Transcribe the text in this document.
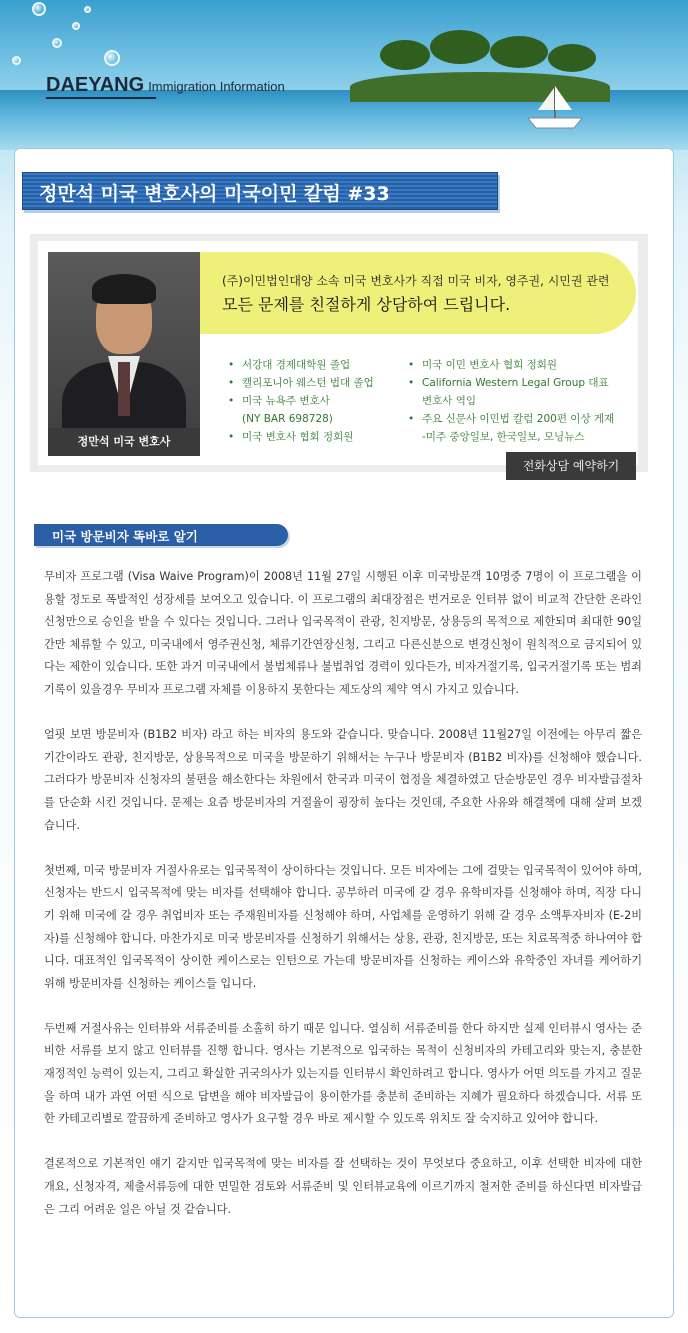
DAEYANG Immigration Information
정만석 미국 변호사의 미국이민 칼럼 #33
정만석 미국 변호사
(주)이민법인대양 소속 미국 변호사가 직접 미국 비자, 영주권, 시민권 관련
모든 문제를 친절하게 상담하여 드립니다.
• 서강대 경제대학원 졸업
• 캘리포니아 웨스턴 법대 졸업
• 미국 뉴욕주 변호사
(NY BAR 698728)
• 미국 변호사 협회 정회원
• 미국 이민 변호사 협회 정회원
• California Western Legal Group 대표
변호사 역임
• 주요 신문사 이민법 칼럼 200편 이상 게재
-미주 중앙일보, 한국일보, 모닝뉴스
전화상담 예약하기
미국 방문비자 똑바로 알기

무비자 프로그램 (Visa Waive Program)이 2008년 11월 27일 시행된 이후 미국방문객 10명중 7명이 이 프로그램을 이용할 정도로 폭발적인 성장세를 보여오고 있습니다. 이 프로그램의 최대장점은 번거로운 인터뷰 없이 비교적 간단한 온라인 신청만으로 승인을 받을 수 있다는 것입니다. 그러나 입국목적이 관광, 친지방문, 상용등의 목적으로 제한되며 최대한 90일간만 체류할 수 있고, 미국내에서 영주권신청, 체류기간연장신청, 그리고 다른신분으로 변경신청이 원칙적으로 금지되어 있다는 제한이 있습니다. 또한 과거 미국내에서 불법체류나 불법취업 경력이 있다든가, 비자거절기록, 입국거절기록 또는 범죄기록이 있을경우 무비자 프로그램 자체를 이용하지 못한다는 제도상의 제약 역시 가지고 있습니다.

얼핏 보면 방문비자 (B1B2 비자) 라고 하는 비자의 용도와 같습니다. 맞습니다. 2008년 11월27일 이전에는 아무리 짧은 기간이라도 관광, 친지방문, 상용목적으로 미국을 방문하기 위해서는 누구나 방문비자 (B1B2 비자)를 신청해야 했습니다. 그러다가 방문비자 신청자의 불편을 해소한다는 차원에서 한국과 미국이 협정을 체결하였고 단순방문인 경우 비자발급절차를 단순화 시킨 것입니다. 문제는 요즘 방문비자의 거절율이 굉장히 높다는 것인데, 주요한 사유와 해결책에 대해 살펴 보겠습니다.

첫번째, 미국 방문비자 거절사유로는 입국목적이 상이하다는 것입니다. 모든 비자에는 그에 걸맞는 입국목적이 있어야 하며, 신청자는 반드시 입국목적에 맞는 비자를 선택해야 합니다. 공부하러 미국에 갈 경우 유학비자를 신청해야 하며, 직장 다니기 위해 미국에 갈 경우 취업비자 또는 주재원비자를 신청해야 하며, 사업체를 운영하기 위해 갈 경우 소액투자비자 (E-2비자)를 신청해야 합니다. 마찬가지로 미국 방문비자를 신청하기 위해서는 상용, 관광, 친지방문, 또는 치료목적중 하나여야 합니다. 대표적인 입국목적이 상이한 케이스로는 인턴으로 가는데 방문비자를 신청하는 케이스와 유학중인 자녀를 케어하기 위해 방문비자를 신청하는 케이스들 입니다.

두번째 거절사유는 인터뷰와 서류준비를 소홀히 하기 때문 입니다. 열심히 서류준비를 한다 하지만 실제 인터뷰시 영사는 준비한 서류를 보지 않고 인터뷰를 진행 합니다. 영사는 기본적으로 입국하는 목적이 신청비자의 카테고리와 맞는지, 충분한 재정적인 능력이 있는지, 그리고 확실한 귀국의사가 있는지를 인터뷰시 확인하려고 합니다. 영사가 어떤 의도를 가지고 질문을 하며 내가 과연 어떤 식으로 답변을 해야 비자발급이 용이한가를 충분히 준비하는 지혜가 필요하다 하겠습니다. 서류 또한 카테고리별로 깔끔하게 준비하고 영사가 요구할 경우 바로 제시할 수 있도록 위치도 잘 숙지하고 있어야 합니다.

결론적으로 기본적인 얘기 같지만 입국목적에 맞는 비자를 잘 선택하는 것이 무엇보다 중요하고, 이후 선택한 비자에 대한 개요, 신청자격, 제출서류등에 대한 면밀한 검토와 서류준비 및 인터뷰교육에 이르기까지 철저한 준비를 하신다면 비자발급은 그리 어려운 일은 아닐 것 같습니다.
